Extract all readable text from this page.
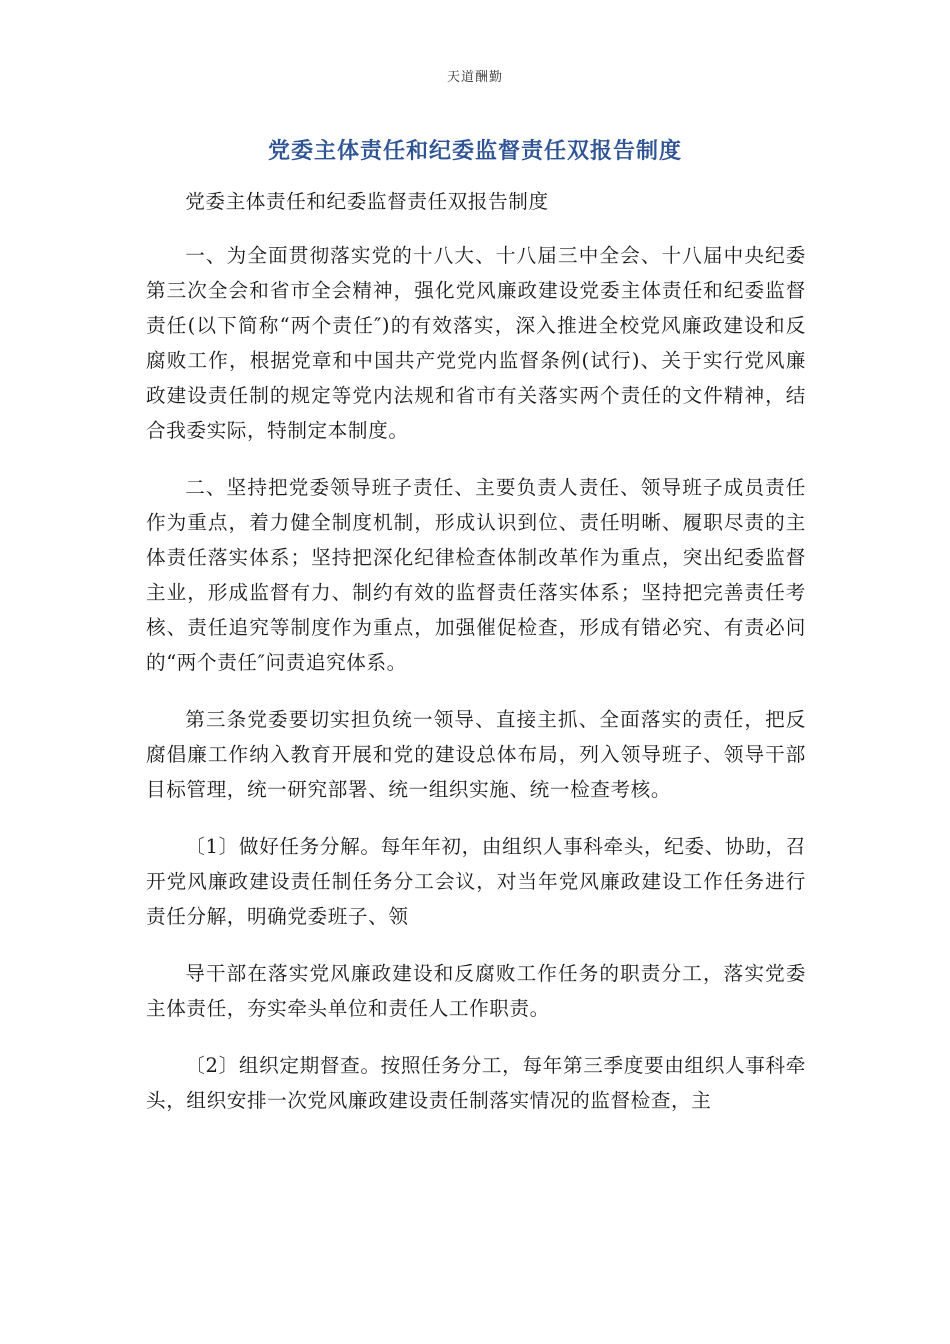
天道酬勤
党委主体责任和纪委监督责任双报告制度

党委主体责任和纪委监督责任双报告制度

一、为全面贯彻落实党的十八大、十八届三中全会、十八届中央纪委第三次全会和省市全会精神，强化党风廉政建设党委主体责任和纪委监督责任(以下简称“两个责任″)的有效落实，深入推进全校党风廉政建设和反腐败工作，根据党章和中国共产党党内监督条例(试行)、关于实行党风廉政建设责任制的规定等党内法规和省市有关落实两个责任的文件精神，结合我委实际，特制定本制度。

二、坚持把党委领导班子责任、主要负责人责任、领导班子成员责任作为重点，着力健全制度机制，形成认识到位、责任明晰、履职尽责的主体责任落实体系；坚持把深化纪律检查体制改革作为重点，突出纪委监督主业，形成监督有力、制约有效的监督责任落实体系；坚持把完善责任考核、责任追究等制度作为重点，加强催促检查，形成有错必究、有责必问的“两个责任″问责追究体系。

第三条党委要切实担负统一领导、直接主抓、全面落实的责任，把反腐倡廉工作纳入教育开展和党的建设总体布局，列入领导班子、领导干部目标管理，统一研究部署、统一组织实施、统一检查考核。

〔1〕做好任务分解。每年年初，由组织人事科牵头，纪委、协助，召开党风廉政建设责任制任务分工会议，对当年党风廉政建设工作任务进行责任分解，明确党委班子、领

导干部在落实党风廉政建设和反腐败工作任务的职责分工，落实党委主体责任，夯实牵头单位和责任人工作职责。

〔2〕组织定期督查。按照任务分工，每年第三季度要由组织人事科牵头，组织安排一次党风廉政建设责任制落实情况的监督检查，主
